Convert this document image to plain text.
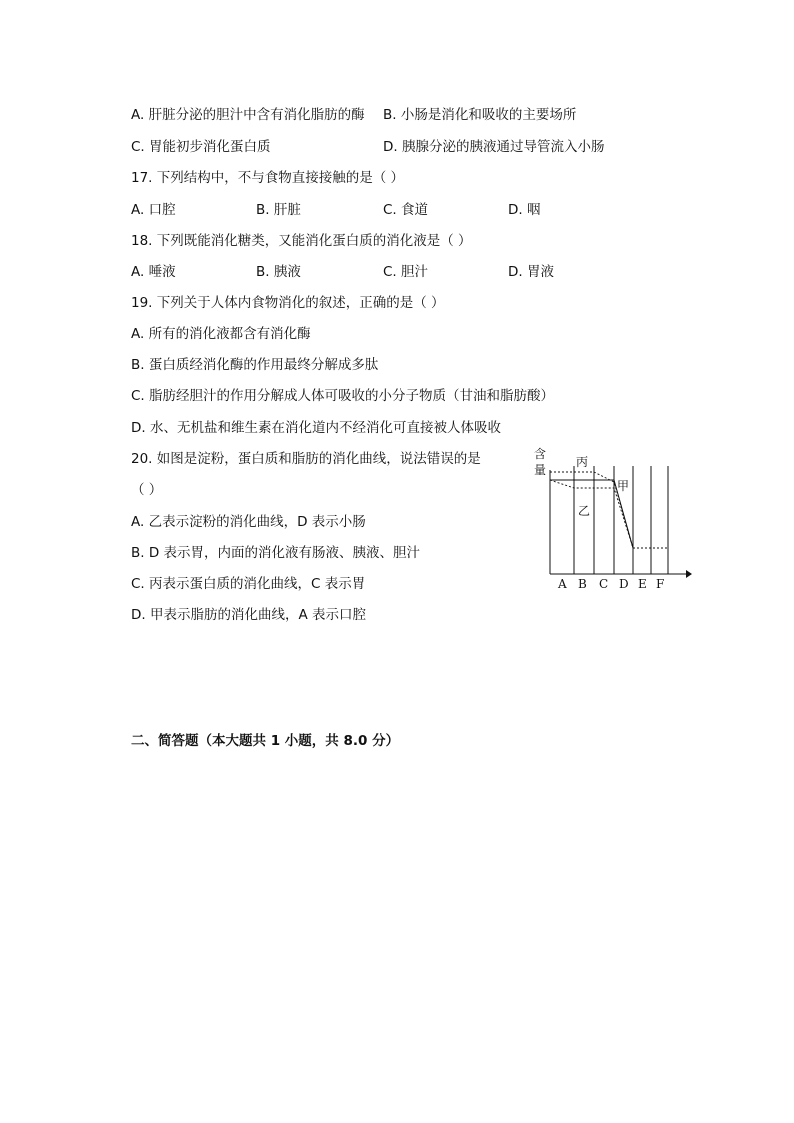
A. 肝脏分泌的胆汁中含有消化脂肪的酶 B. 小肠是消化和吸收的主要场所
C. 胃能初步消化蛋白质	D. 胰腺分泌的胰液通过导管流入小肠
17. 下列结构中，不与食物直接接触的是（ ）
A. 口腔	B. 肝脏	C. 食道	D. 咽
18. 下列既能消化糖类，又能消化蛋白质的消化液是（ ）
A. 唾液	B. 胰液	C. 胆汁	D. 胃液
19. 下列关于人体内食物消化的叙述，正确的是（ ）
A. 所有的消化液都含有消化酶
B. 蛋白质经消化酶的作用最终分解成多肽
C. 脂肪经胆汁的作用分解成人体可吸收的小分子物质（甘油和脂肪酸）
D. 水、无机盐和维生素在消化道内不经消化可直接被人体吸收
20. 如图是淀粉，蛋白质和脂肪的消化曲线，说法错误的是
（ ）
A. 乙表示淀粉的消化曲线，D 表示小肠
B. D 表示胃，内面的消化液有肠液、胰液、胆汁
C. 丙表示蛋白质的消化曲线，C 表示胃
D. 甲表示脂肪的消化曲线，A 表示口腔
含
量
丙
甲
乙
A B C D E F
二、简答题（本大题共 1 小题，共 8.0 分）
